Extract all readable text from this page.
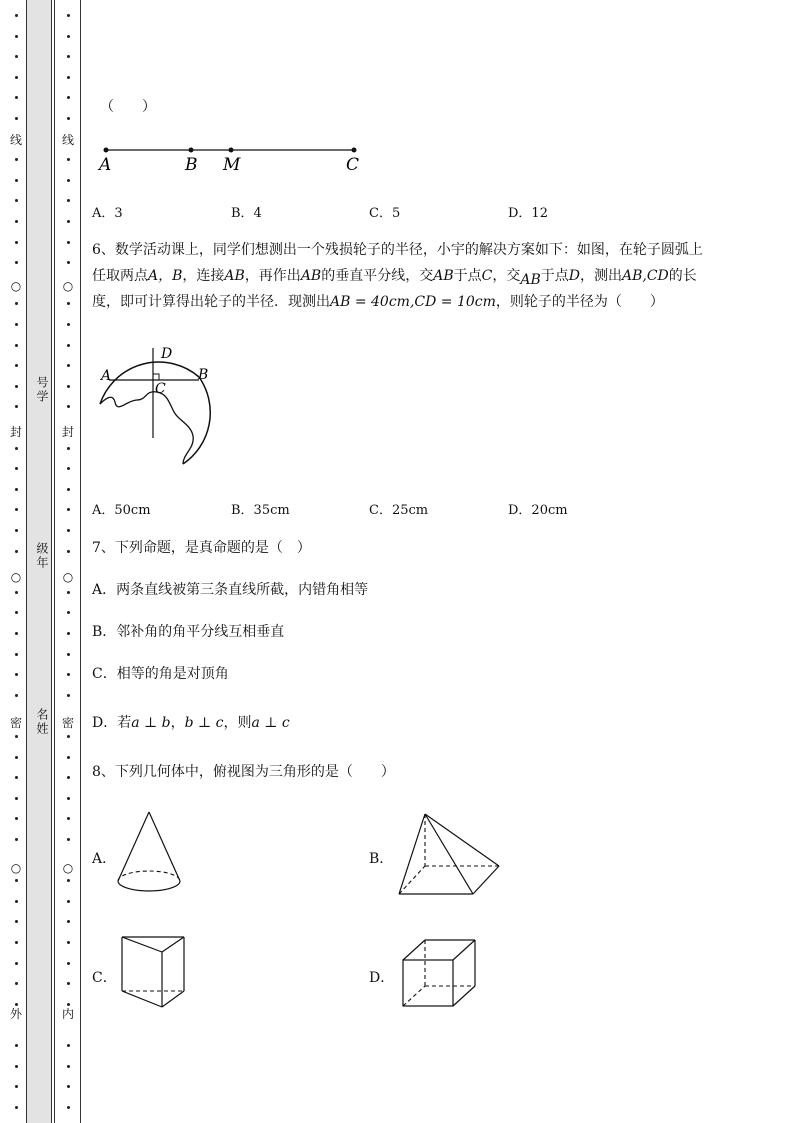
线
○
封
○
密
○
外
线
○
封
○
密
○
内
号学
级年
名姓
（　　）
A	B M	C
A．3	B．4	C．5	D．12
6、数学活动课上，同学们想测出一个残损轮子的半径，小宇的解决方案如下：如图，在轮子圆弧上
任取两点A，B，连接AB，再作出AB的垂直平分线，交AB于点C，交AB于点D，测出AB,CD的长
度，即可计算得出轮子的半径．现测出AB = 40cm,CD = 10cm，则轮子的半径为（　　）
D
A	B
C
A．50cm	B．35cm	C．25cm	D．20cm
7、下列命题，是真命题的是（　）
A．两条直线被第三条直线所截，内错角相等
B．邻补角的角平分线互相垂直
C．相等的角是对顶角
D．若a ⊥ b，b ⊥ c，则a ⊥ c
8、下列几何体中，俯视图为三角形的是（　　）
A．	B．
C．	D．
